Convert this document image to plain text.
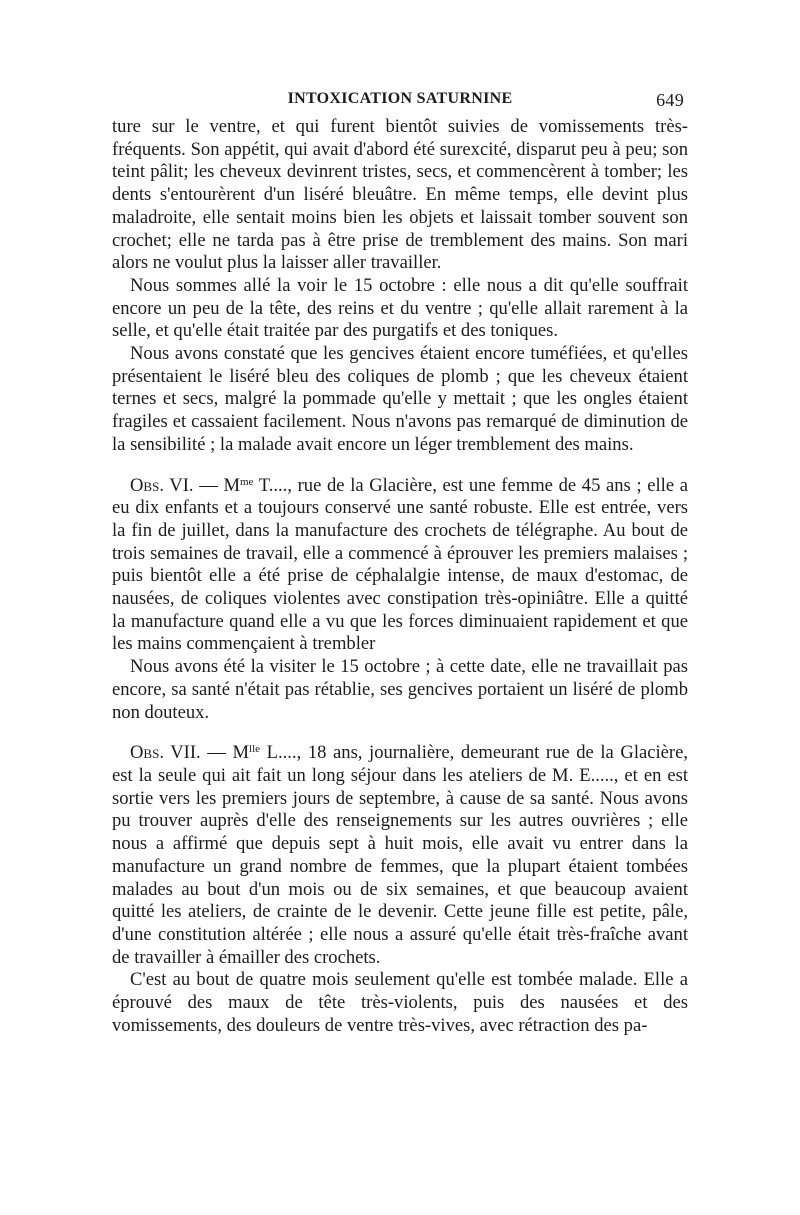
INTOXICATION SATURNINE	649

ture sur le ventre, et qui furent bientôt suivies de vomissements très-fréquents. Son appétit, qui avait d'abord été surexcité, disparut peu à peu; son teint pâlit; les cheveux devinrent tristes, secs, et commencèrent à tomber; les dents s'entourèrent d'un liséré bleuâtre. En même temps, elle devint plus maladroite, elle sentait moins bien les objets et laissait tomber souvent son crochet; elle ne tarda pas à être prise de tremblement des mains. Son mari alors ne voulut plus la laisser aller travailler.

Nous sommes allé la voir le 15 octobre : elle nous a dit qu'elle souffrait encore un peu de la tête, des reins et du ventre ; qu'elle allait rarement à la selle, et qu'elle était traitée par des purgatifs et des toniques.

Nous avons constaté que les gencives étaient encore tuméfiées, et qu'elles présentaient le liséré bleu des coliques de plomb ; que les cheveux étaient ternes et secs, malgré la pommade qu'elle y mettait ; que les ongles étaient fragiles et cassaient facilement. Nous n'avons pas remarqué de diminution de la sensibilité ; la malade avait encore un léger tremblement des mains.

Obs. VI. — $M^{me}$ T...., rue de la Glacière, est une femme de 45 ans ; elle a eu dix enfants et a toujours conservé une santé robuste. Elle est entrée, vers la fin de juillet, dans la manufacture des crochets de télégraphe. Au bout de trois semaines de travail, elle a commencé à éprouver les premiers malaises ; puis bientôt elle a été prise de céphalalgie intense, de maux d'estomac, de nausées, de coliques violentes avec constipation très-opiniâtre. Elle a quitté la manufacture quand elle a vu que les forces diminuaient rapidement et que les mains commençaient à trembler

Nous avons été la visiter le 15 octobre ; à cette date, elle ne travaillait pas encore, sa santé n'était pas rétablie, ses gencives portaient un liséré de plomb non douteux.

Obs. VII. — $M^{lle}$ L...., 18 ans, journalière, demeurant rue de la Glacière, est la seule qui ait fait un long séjour dans les ateliers de M. E....., et en est sortie vers les premiers jours de septembre, à cause de sa santé. Nous avons pu trouver auprès d'elle des renseignements sur les autres ouvrières ; elle nous a affirmé que depuis sept à huit mois, elle avait vu entrer dans la manufacture un grand nombre de femmes, que la plupart étaient tombées malades au bout d'un mois ou de six semaines, et que beaucoup avaient quitté les ateliers, de crainte de le devenir. Cette jeune fille est petite, pâle, d'une constitution altérée ; elle nous a assuré qu'elle était très-fraîche avant de travailler à émailler des crochets.

C'est au bout de quatre mois seulement qu'elle est tombée malade. Elle a éprouvé des maux de tête très-violents, puis des nausées et des vomissements, des douleurs de ventre très-vives, avec rétraction des pa-
